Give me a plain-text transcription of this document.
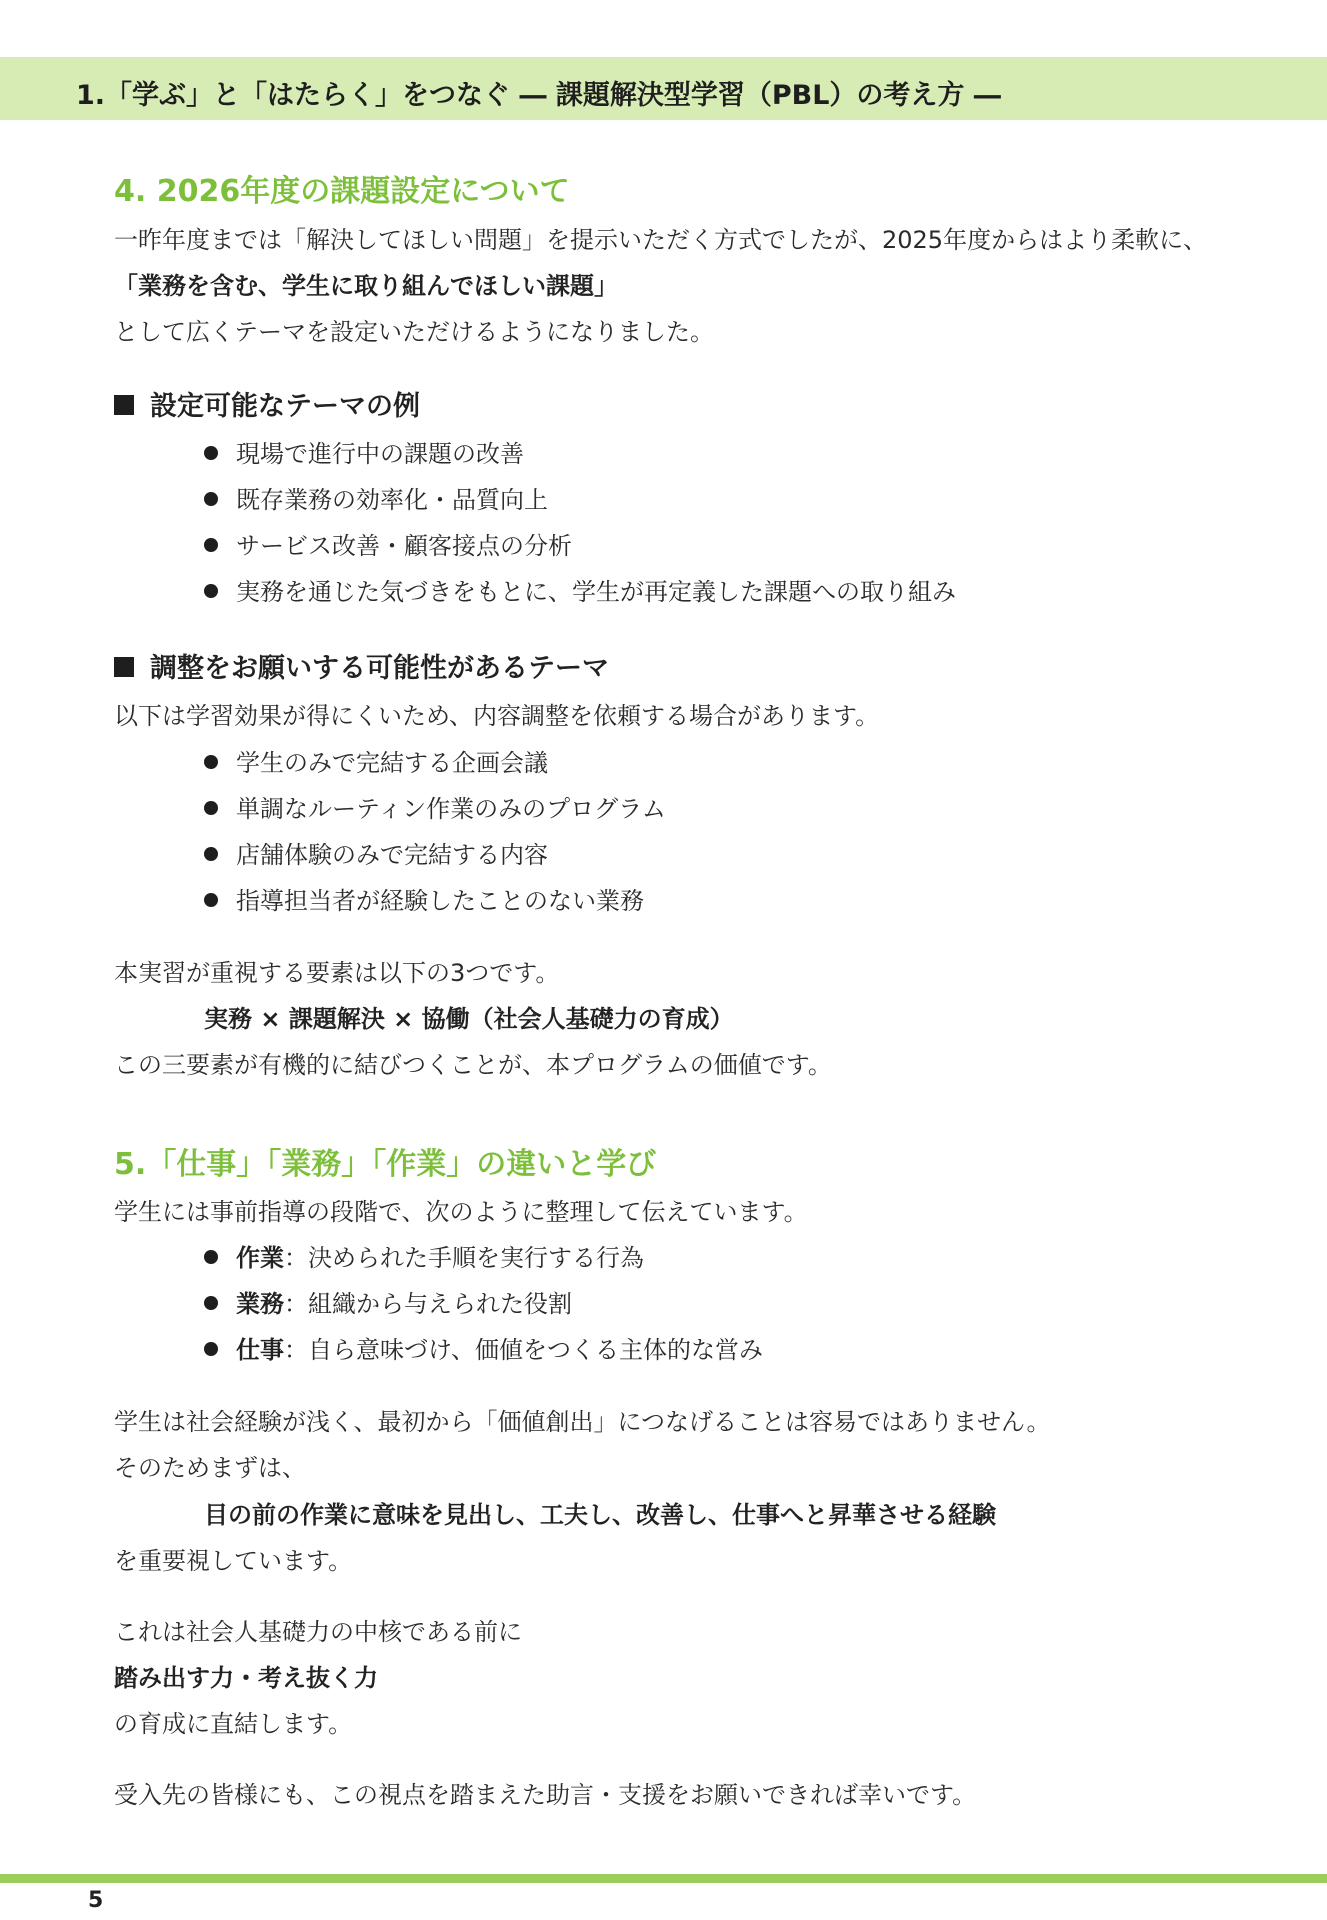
1.「学ぶ」と「はたらく」をつなぐ ― 課題解決型学習（PBL）の考え方 ―
4. 2026年度の課題設定について
一昨年度までは「解決してほしい問題」を提示いただく方式でしたが、2025年度からはより柔軟に、
「業務を含む、学生に取り組んでほしい課題」
として広くテーマを設定いただけるようになりました。
設定可能なテーマの例
現場で進行中の課題の改善
既存業務の効率化・品質向上
サービス改善・顧客接点の分析
実務を通じた気づきをもとに、学生が再定義した課題への取り組み
調整をお願いする可能性があるテーマ
以下は学習効果が得にくいため、内容調整を依頼する場合があります。
学生のみで完結する企画会議
単調なルーティン作業のみのプログラム
店舗体験のみで完結する内容
指導担当者が経験したことのない業務
本実習が重視する要素は以下の3つです。
実務 × 課題解決 × 協働（社会人基礎力の育成）
この三要素が有機的に結びつくことが、本プログラムの価値です。
5.「仕事」「業務」「作業」の違いと学び
学生には事前指導の段階で、次のように整理して伝えています。
作業：決められた手順を実行する行為
業務：組織から与えられた役割
仕事：自ら意味づけ、価値をつくる主体的な営み
学生は社会経験が浅く、最初から「価値創出」につなげることは容易ではありません。
そのためまずは、
目の前の作業に意味を見出し、工夫し、改善し、仕事へと昇華させる経験
を重要視しています。
これは社会人基礎力の中核である前に
踏み出す力・考え抜く力
の育成に直結します。
受入先の皆様にも、この視点を踏まえた助言・支援をお願いできれば幸いです。
5
